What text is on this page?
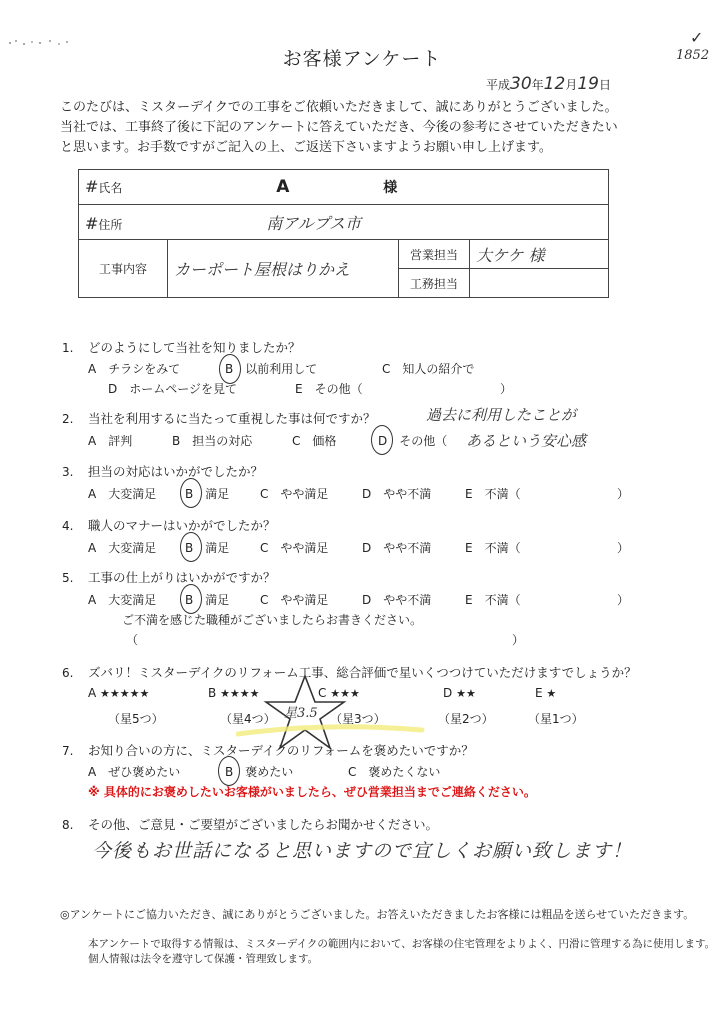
✓
1852
お客様アンケート
平成30年12月19日
このたびは、ミスターデイクでの工事をご依頼いただきまして、誠にありがとうございました。
当社では、工事終了後に下記のアンケートに答えていただき、今後の参考にさせていただきたい
と思います。お手数ですがご記入の上、ご返送下さいますようお願い申し上げます。
#氏名 A 様			
#住所 南アルプス市			
工事内容	カーポート屋根はりかえ	営業担当	大ケケ 様
		工務担当	
1. どのようにして当社を知りましたか？
A　チラシをみて	B　以前利用して	C　知人の紹介で
D　ホームページを見て	E　その他（	）
2. 当社を利用するに当たって重視した事は何ですか？	過去に利用したことが
A　評判	B　担当の対応	C　価格	D　その他（ あるという安心感
3. 担当の対応はいかがでしたか？
A　大変満足 B　満足	C　やや満足	D　やや不満	E　不満（	）
4. 職人のマナーはいかがでしたか？
A　大変満足 B　満足	C　やや満足	D　やや不満	E　不満（	）
5. 工事の仕上がりはいかがですか？
A　大変満足 B　満足	C　やや満足	D　やや不満	E　不満（	）
ご不満を感じた職種がございましたらお書きください。
（	）
6. ズバリ！ミスターデイクのリフォーム工事、総合評価で星いくつつけていただけますでしょうか？
A ★★★★★	B ★★★★	C ★★★	D ★★	E ★
（星5つ）	（星4つ）	（星3つ）	（星2つ）	（星1つ）
星3.5
7. お知り合いの方に、ミスターデイクのリフォームを褒めたいですか？
A　ぜひ褒めたい	B　褒めたい	C　褒めたくない
※ 具体的にお褒めしたいお客様がいましたら、ぜひ営業担当までご連絡ください。
8. その他、ご意見・ご要望がございましたらお聞かせください。
今後もお世話になると思いますので宜しくお願い致します！
◎アンケートにご協力いただき、誠にありがとうございました。お答えいただきましたお客様には粗品を送らせていただきます。
本アンケートで取得する情報は、ミスターデイクの範囲内において、お客様の住宅管理をよりよく、円滑に管理する為に使用します。
個人情報は法令を遵守して保護・管理致します。
